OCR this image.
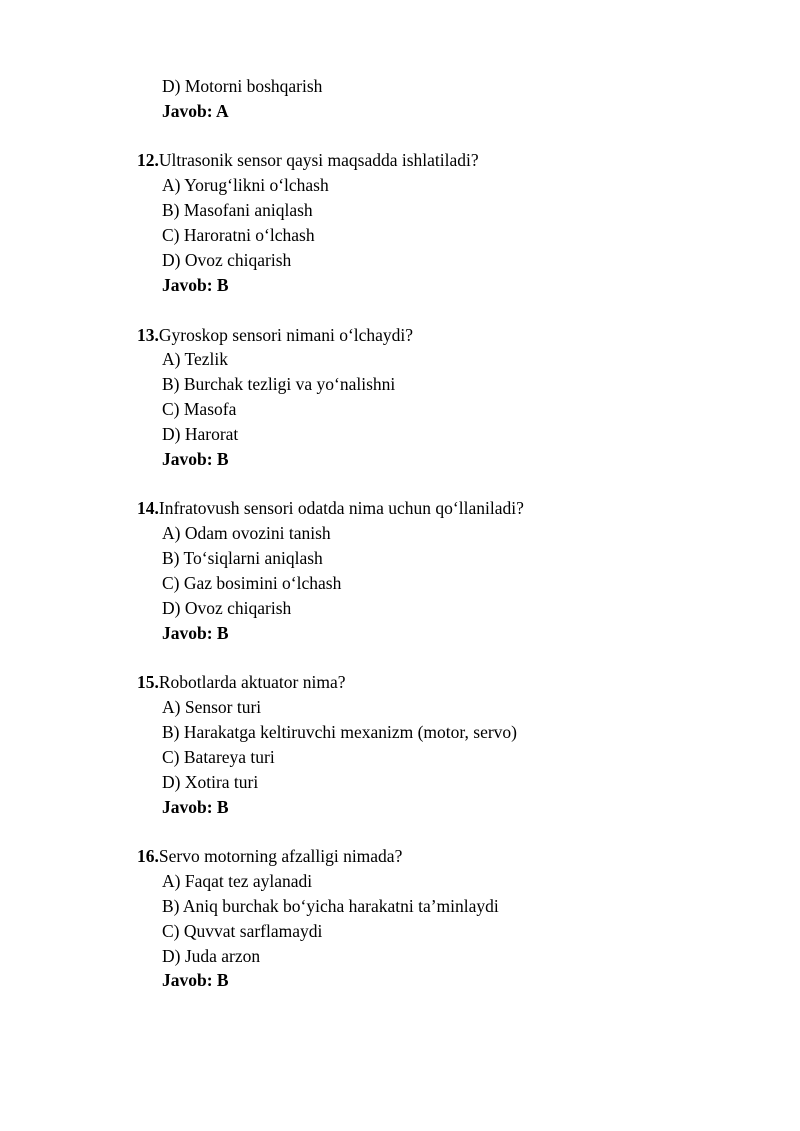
D) Motorni boshqarish
Javob: A
12.Ultrasonik sensor qaysi maqsadda ishlatiladi?
A) Yorug‘likni o‘lchash
B) Masofani aniqlash
C) Haroratni o‘lchash
D) Ovoz chiqarish
Javob: B
13.Gyroskop sensori nimani o‘lchaydi?
A) Tezlik
B) Burchak tezligi va yo‘nalishni
C) Masofa
D) Harorat
Javob: B
14.Infratovush sensori odatda nima uchun qo‘llaniladi?
A) Odam ovozini tanish
B) To‘siqlarni aniqlash
C) Gaz bosimini o‘lchash
D) Ovoz chiqarish
Javob: B
15.Robotlarda aktuator nima?
A) Sensor turi
B) Harakatga keltiruvchi mexanizm (motor, servo)
C) Batareya turi
D) Xotira turi
Javob: B
16.Servo motorning afzalligi nimada?
A) Faqat tez aylanadi
B) Aniq burchak bo‘yicha harakatni ta’minlaydi
C) Quvvat sarflamaydi
D) Juda arzon
Javob: B
